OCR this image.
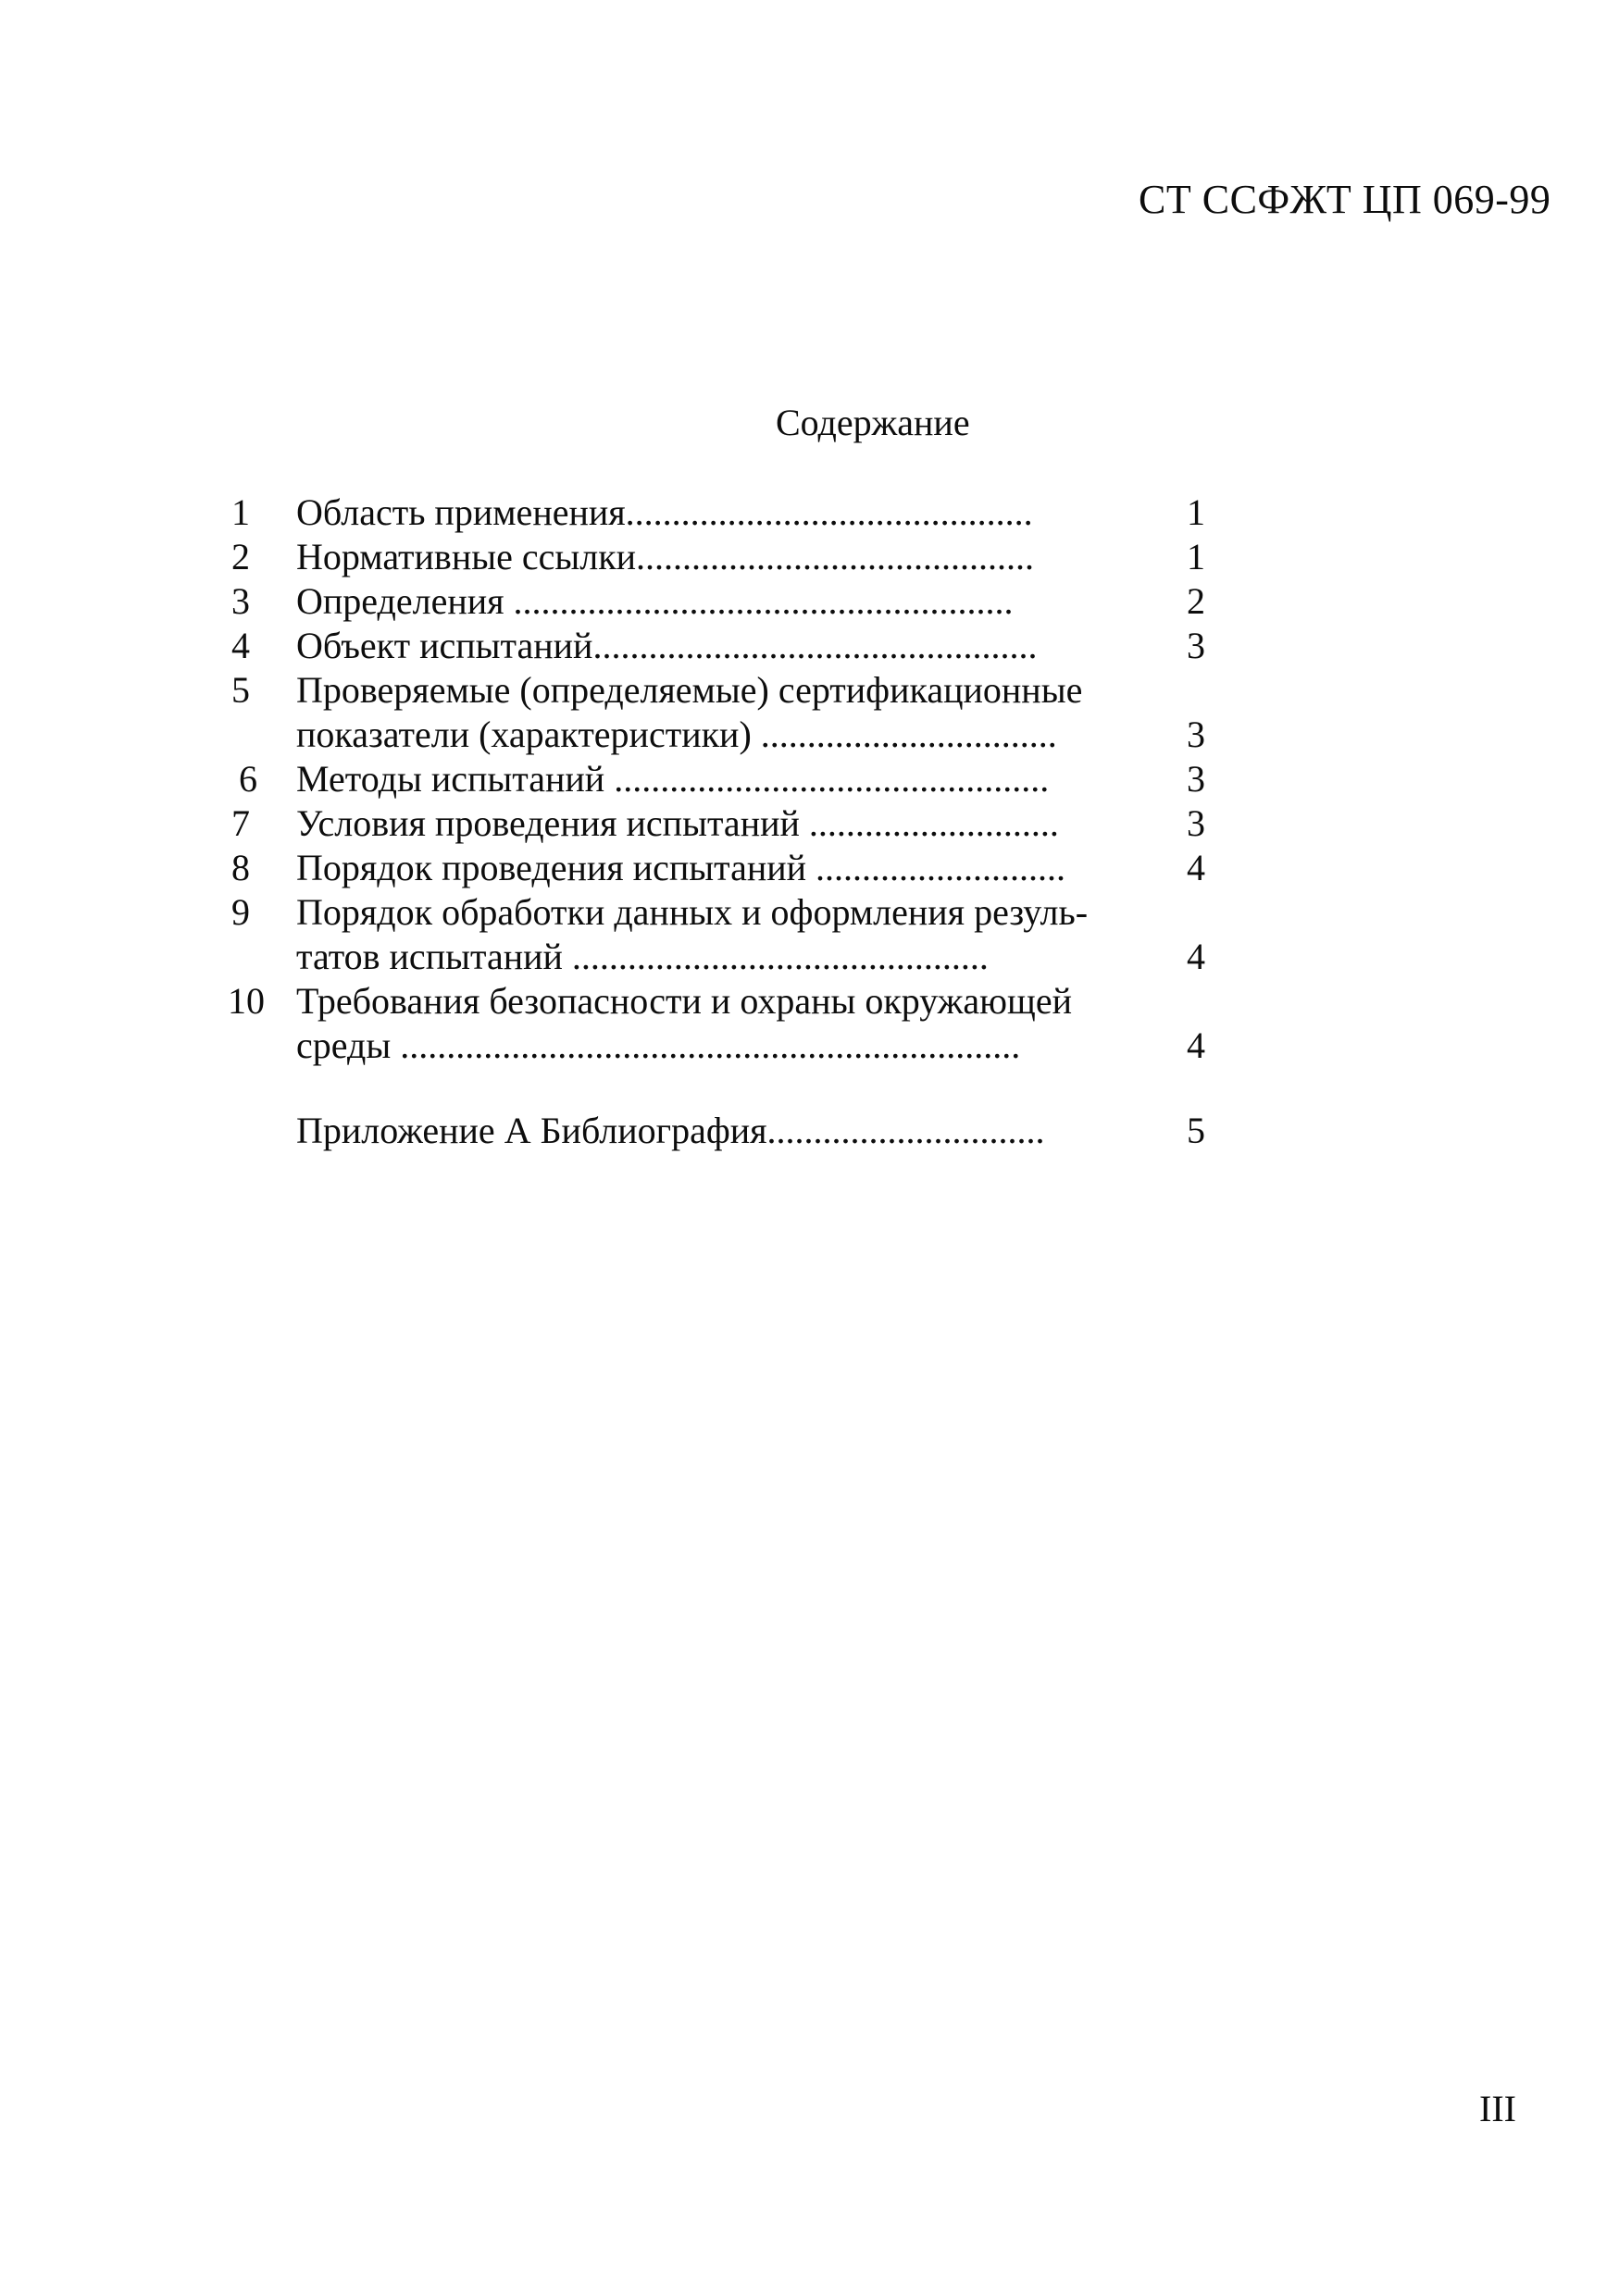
СТ ССФЖТ ЦП 069-99
Содержание
1 Область применения............................................	1
2 Нормативные ссылки...........................................	1
3 Определения ......................................................	2
4 Объект испытаний................................................	3
5 Проверяемые (определяемые) сертификационные
показатели (характеристики) ................................	3
6 Методы испытаний ...............................................	3
7 Условия проведения испытаний ...........................	3
8 Порядок проведения испытаний ...........................	4
9 Порядок обработки данных и оформления резуль-
татов испытаний .............................................	4
10 Требования безопасности и охраны окружающей
среды ...................................................................	4
Приложение А Библиография..............................	5
III
